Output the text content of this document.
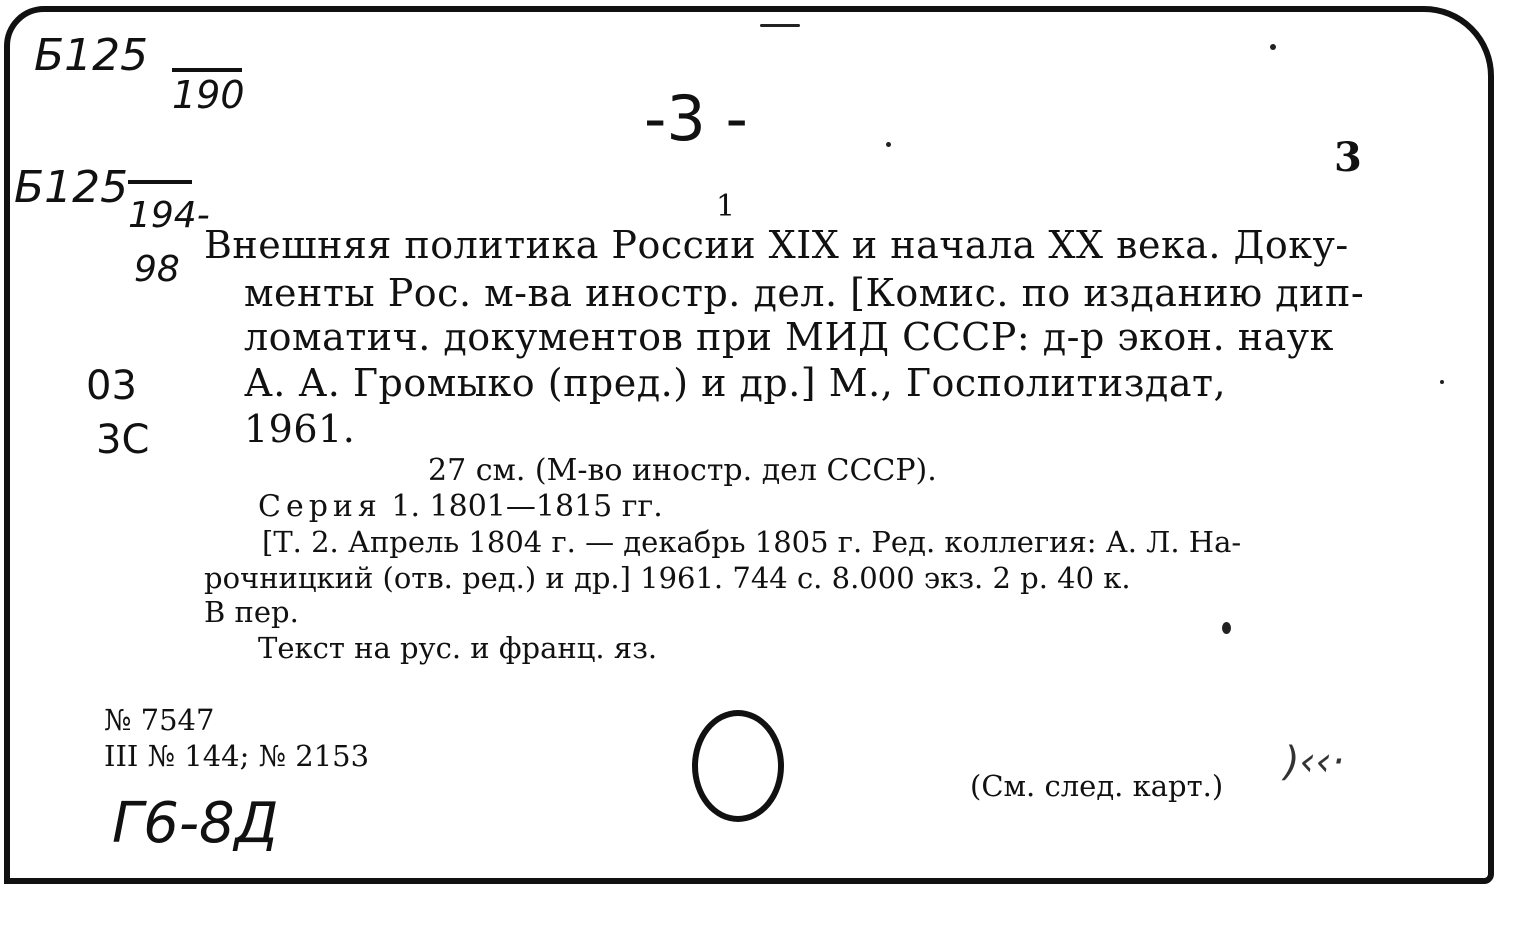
Б125
190
Б125
194-
98
03
3С
Г6-8Д
)‹‹·
-3 -
3
1
Внешняя политика России XIX и начала XX века. Доку-
менты Рос. м-ва иностр. дел. [Комис. по изданию дип-
ломатич. документов при МИД СССР: д-р экон. наук
А. А. Громыко (пред.) и др.] М., Госполитиздат,
1961.
27 см. (М-во иностр. дел СССР).
Серия 1. 1801—1815 гг.
[Т. 2. Апрель 1804 г. — декабрь 1805 г. Ред. коллегия: А. Л. На-
рочницкий (отв. ред.) и др.] 1961. 744 с. 8.000 экз. 2 р. 40 к.
В пер.
Текст на рус. и франц. яз.
№ 7547
III № 144; № 2153
(См. след. карт.)
